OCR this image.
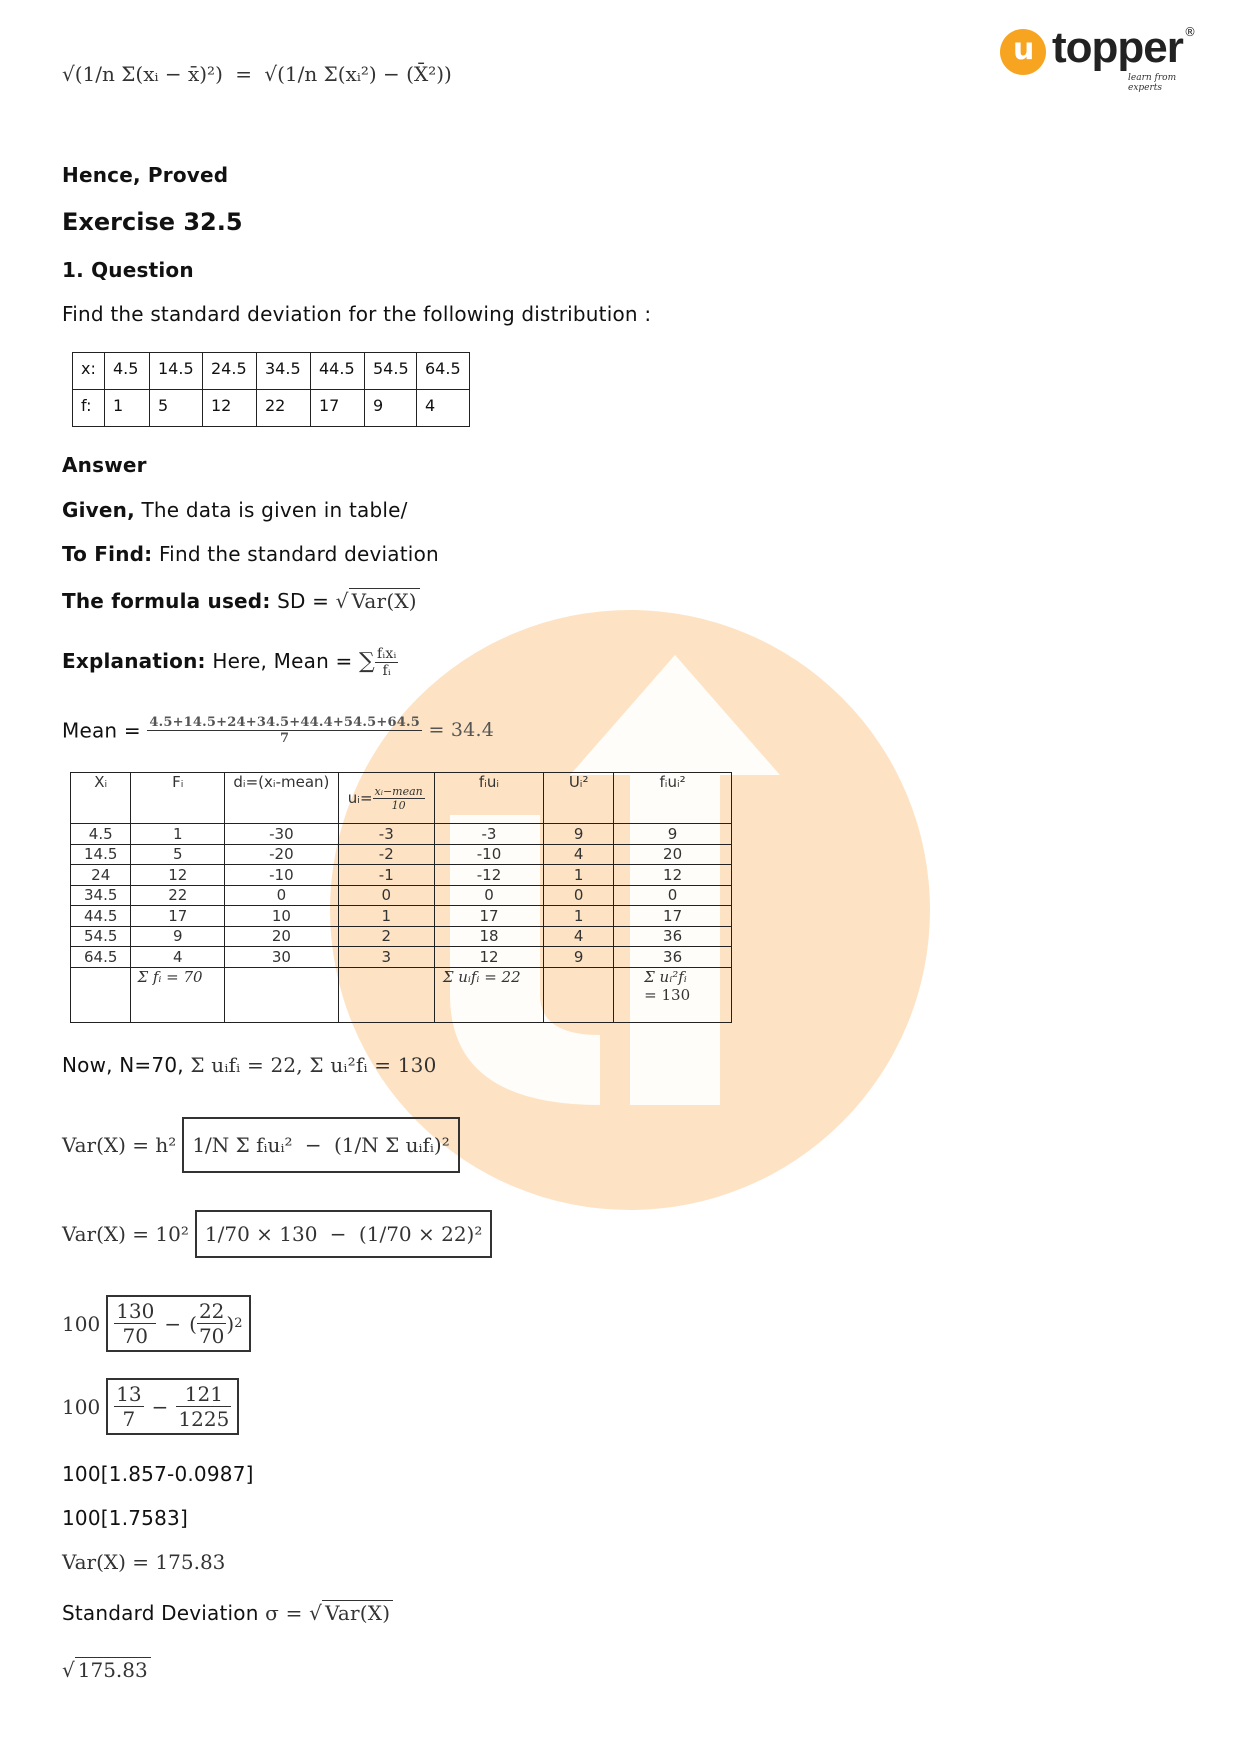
u topper ®
learn from experts
√(1/n Σ(xᵢ − x̄)²) = √(1/n Σ(xᵢ²) − (X̄²))
Hence, Proved
Exercise 32.5
1. Question
Find the standard deviation for the following distribution :
x:	4.5	14.5	24.5	34.5	44.5	54.5	64.5
f:	1	5	12	22	17	9	4
Answer
Given, The data is given in table/
To Find: Find the standard deviation
The formula used: SD = √ Var(X)
Explanation: Here, Mean = ∑ $\frac{\text{fᵢxᵢ}}{\text{fᵢ}}$
Mean = $\frac{4.5+14.5+24+34.5+44.4+54.5+64.5}{7} = 34.4$
Xᵢ	Fᵢ	dᵢ=(xᵢ-mean)	uᵢ= $\frac{\text{xᵢ−mean}}{10}$	fᵢuᵢ	Uᵢ²	fᵢuᵢ²
4.5	1	-30	-3	-3	9	9
14.5	5	-20	-2	-10	4	20
24	12	-10	-1	-12	1	12
34.5	22	0	0	0	0	0
44.5	17	10	1	17	1	17
54.5	9	20	2	18	4	36
64.5	4	30	3	12	9	36
	Σ fᵢ = 70			Σ uᵢfᵢ = 22		Σ uᵢ²fᵢ
= 130
Now, N=70, Σ uᵢfᵢ = 22, Σ uᵢ²fᵢ = 130
Var(X) = h² 1/N Σ fᵢuᵢ² − (1/N Σ uᵢfᵢ)²
Var(X) = 10² 1/70 × 130 − (1/70 × 22)²
$100 \frac{130}{70}$ − ( $\frac{22}{70}$ ) 2
$100 \frac{13}{7} - \frac{121}{1225}$
100[1.857-0.0987]
100[1.7583]
Var(X) = 175.83
Standard Deviation σ = √ Var(X)
√ 175.83
